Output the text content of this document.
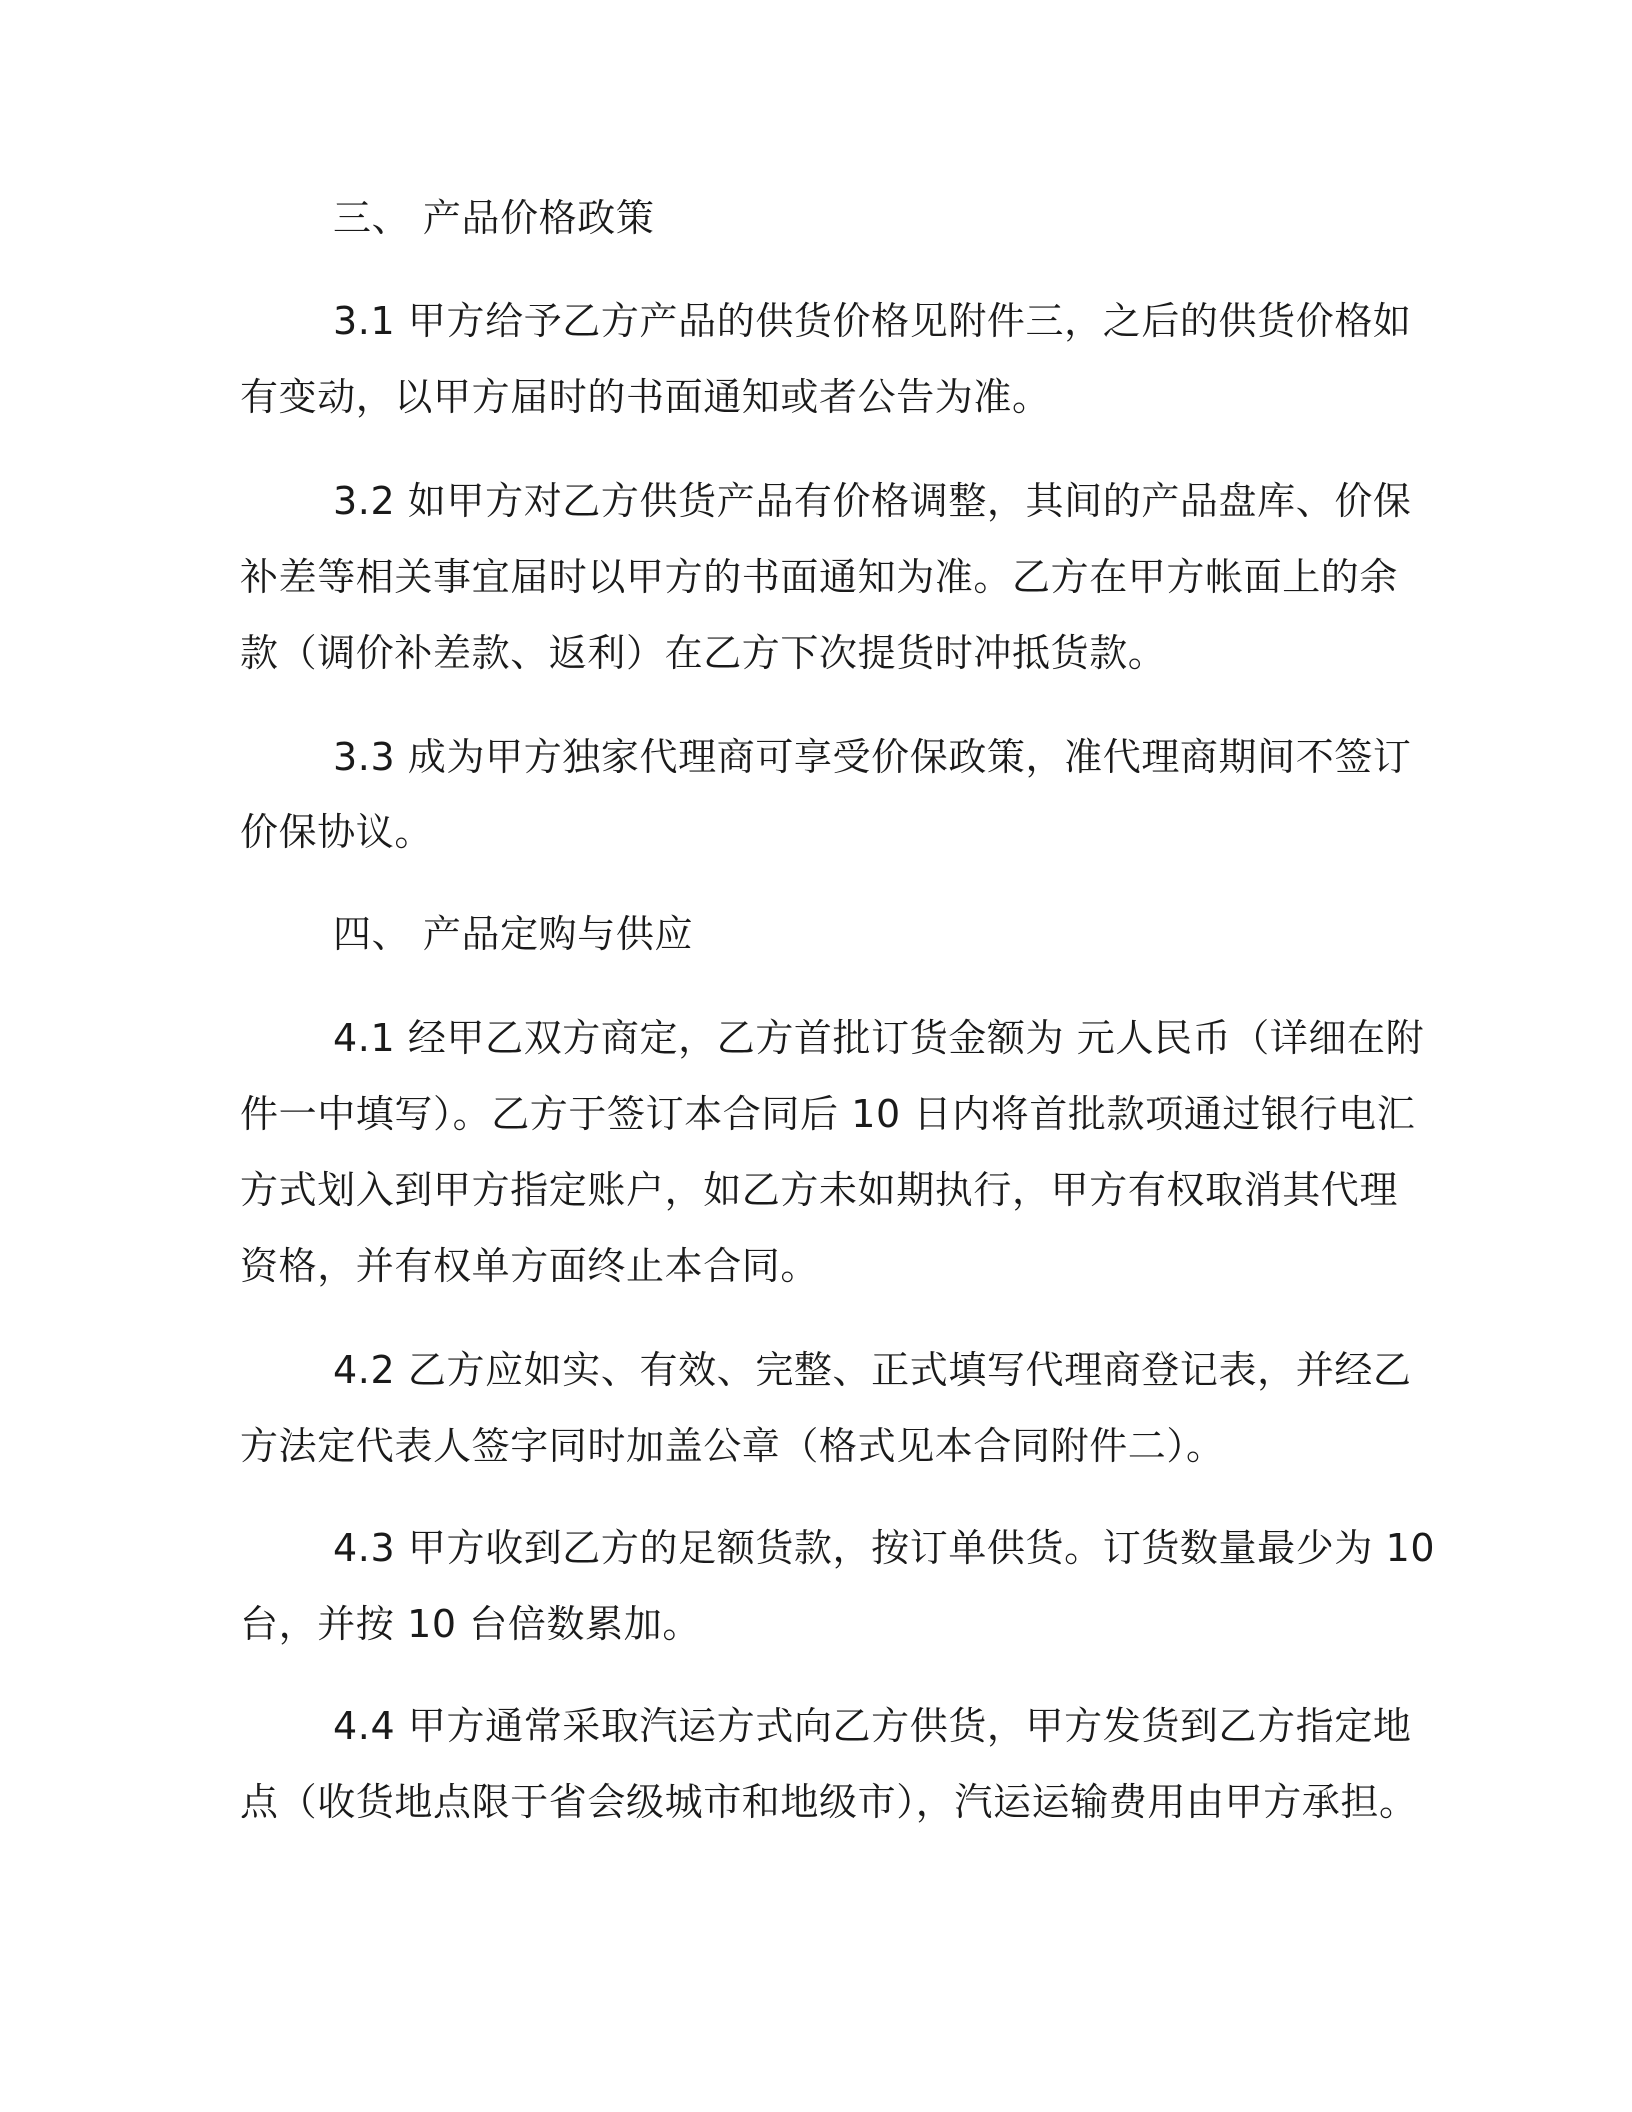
三、 产品价格政策
3.1 甲方给予乙方产品的供货价格见附件三，之后的供货价格如
有变动，以甲方届时的书面通知或者公告为准。
3.2 如甲方对乙方供货产品有价格调整，其间的产品盘库、价保
补差等相关事宜届时以甲方的书面通知为准。乙方在甲方帐面上的余
款（调价补差款、返利）在乙方下次提货时冲抵货款。
3.3 成为甲方独家代理商可享受价保政策，准代理商期间不签订
价保协议。
四、 产品定购与供应
4.1 经甲乙双方商定，乙方首批订货金额为 元人民币（详细在附
件一中填写）。乙方于签订本合同后 10 日内将首批款项通过银行电汇
方式划入到甲方指定账户，如乙方未如期执行，甲方有权取消其代理
资格，并有权单方面终止本合同。
4.2 乙方应如实、有效、完整、正式填写代理商登记表，并经乙
方法定代表人签字同时加盖公章（格式见本合同附件二）。
4.3 甲方收到乙方的足额货款，按订单供货。订货数量最少为 10
台，并按 10 台倍数累加。
4.4 甲方通常采取汽运方式向乙方供货，甲方发货到乙方指定地
点（收货地点限于省会级城市和地级市），汽运运输费用由甲方承担。
